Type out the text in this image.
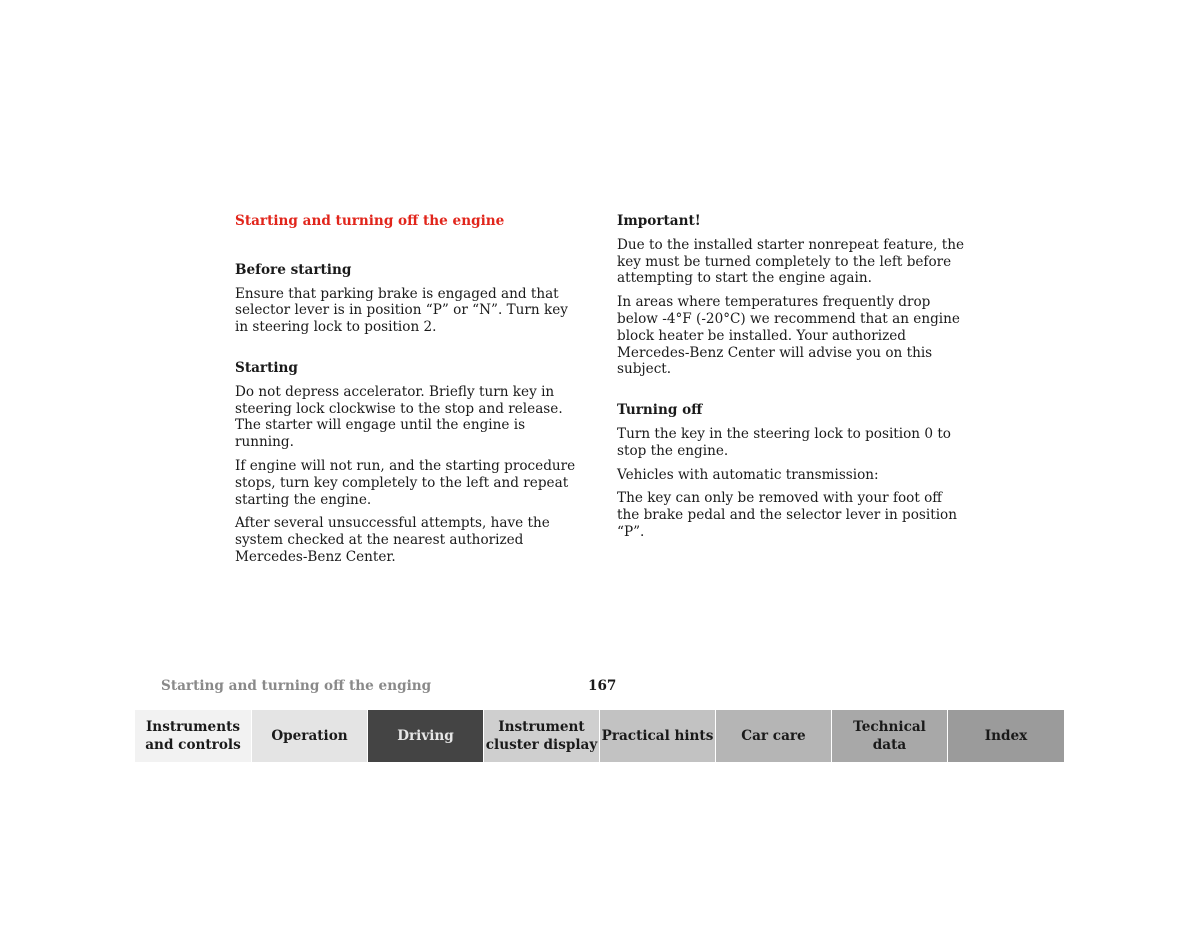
Starting and turning off the engine

Before starting

Ensure that parking brake is engaged and that selector lever is in position “P” or “N”. Turn key in steering lock to position 2.

Starting

Do not depress accelerator. Briefly turn key in steering lock clockwise to the stop and release. The starter will engage until the engine is running.

If engine will not run, and the starting procedure stops, turn key completely to the left and repeat starting the engine.

After several unsuccessful attempts, have the system checked at the nearest authorized Mercedes-Benz Center.

Important!

Due to the installed starter nonrepeat feature, the key must be turned completely to the left before attempting to start the engine again.

In areas where temperatures frequently drop below -4°F (-20°C) we recommend that an engine block heater be installed. Your authorized Mercedes-Benz Center will advise you on this subject.

Turning off

Turn the key in the steering lock to position 0 to stop the engine.

Vehicles with automatic transmission:

The key can only be removed with your foot off the brake pedal and the selector lever in position “P”.

Starting and turning off the enging	167
Instruments
and controls
Operation	Driving
Instrument
cluster display
Practical hints	Car care
Technical
data
Index
